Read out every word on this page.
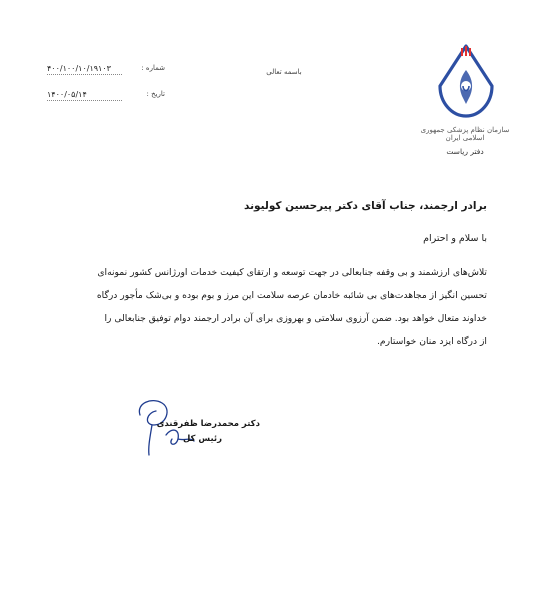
سازمان نظام پزشکی جمهوری اسلامی ایران
دفتر ریاست
باسمه تعالی
شماره :
۴۰۰/۱۰۰/۱۰/۱۹۱۰۳
تاریخ :
۱۴۰۰/۰۵/۱۴
برادر ارجمند، جناب آقای دکتر پیرحسین کولیوند
با سلام و احترام
تلاش‌های ارزشمند و بی وقفه جنابعالی در جهت توسعه و ارتقای کیفیت خدمات اورژانس کشور نمونه‌ای
تحسین انگیز از مجاهدت‌های بی شائبه خادمان عرصه سلامت این مرز و بوم بوده و بی‌شک مأجور درگاه
خداوند متعال خواهد بود. ضمن آرزوی سلامتی و بهروزی برای آن برادر ارجمند دوام توفیق جنابعالی را
از درگاه ایزد منان خواستارم.
دکتر محمدرضا ظفرقندی
رئیس کل
